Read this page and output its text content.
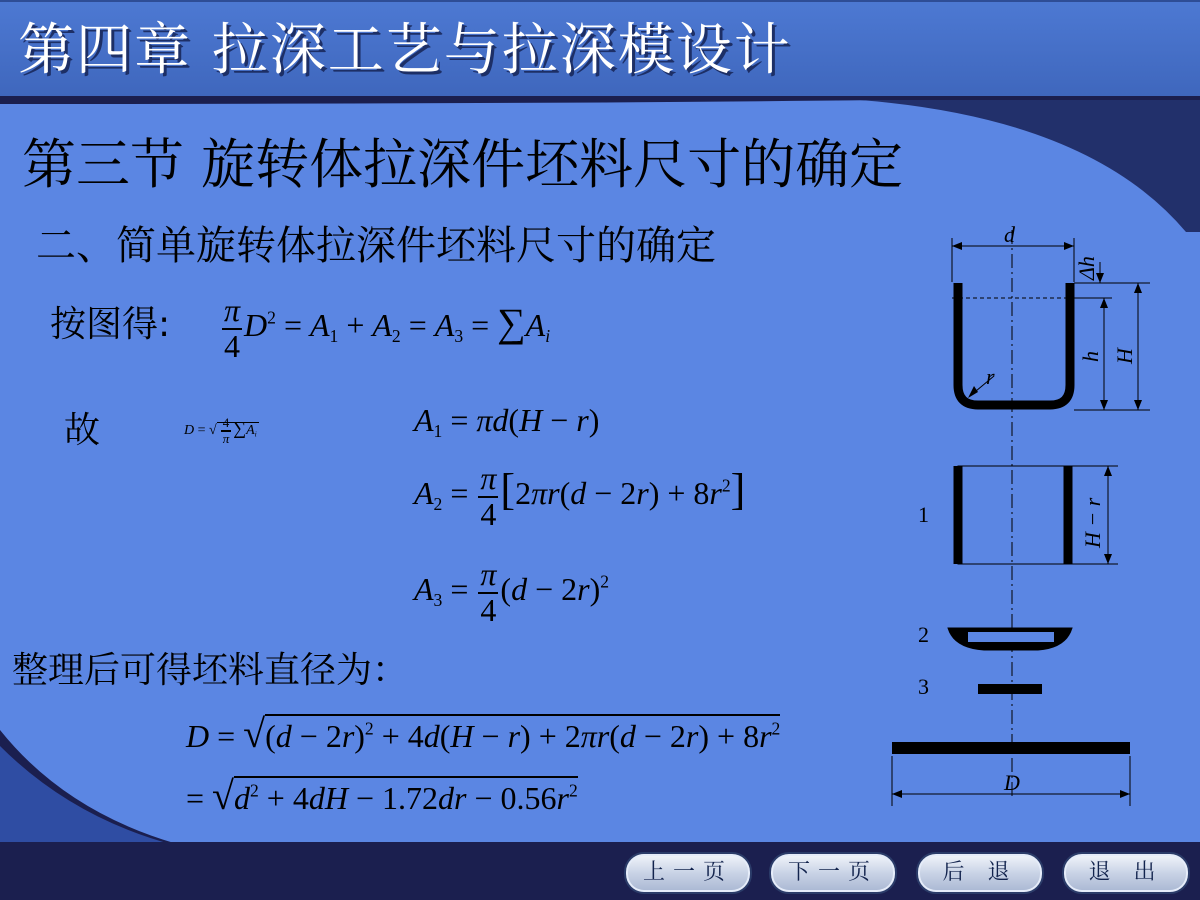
第四章 拉深工艺与拉深模设计
第三节 旋转体拉深件坯料尺寸的确定
二、简单旋转体拉深件坯料尺寸的确定
按图得: $\frac{\pi}{4} D^2 = A_1 + A_2 = A_3 = \sum A_i$
故	D = √ $\frac{4}{\pi} \sum A_i$	$A_1 = \pi d(H - r)$
$A_2 = \frac{\pi}{4} [2\pi r(d - 2r) + 8r^2]$
$A_3 = \frac{\pi}{4} (d - 2r)^2$
整理后可得坯料直径为：
$D = √(d - 2r)^2 + 4d(H - r) + 2\pi r(d - 2r) + 8r^2$
= $√d^2 + 4dH - 1.72dr - 0.56r^2$
d
Δh
h H
r
H − r
1
2
3
D
上一页	下一页	后 退	退 出
